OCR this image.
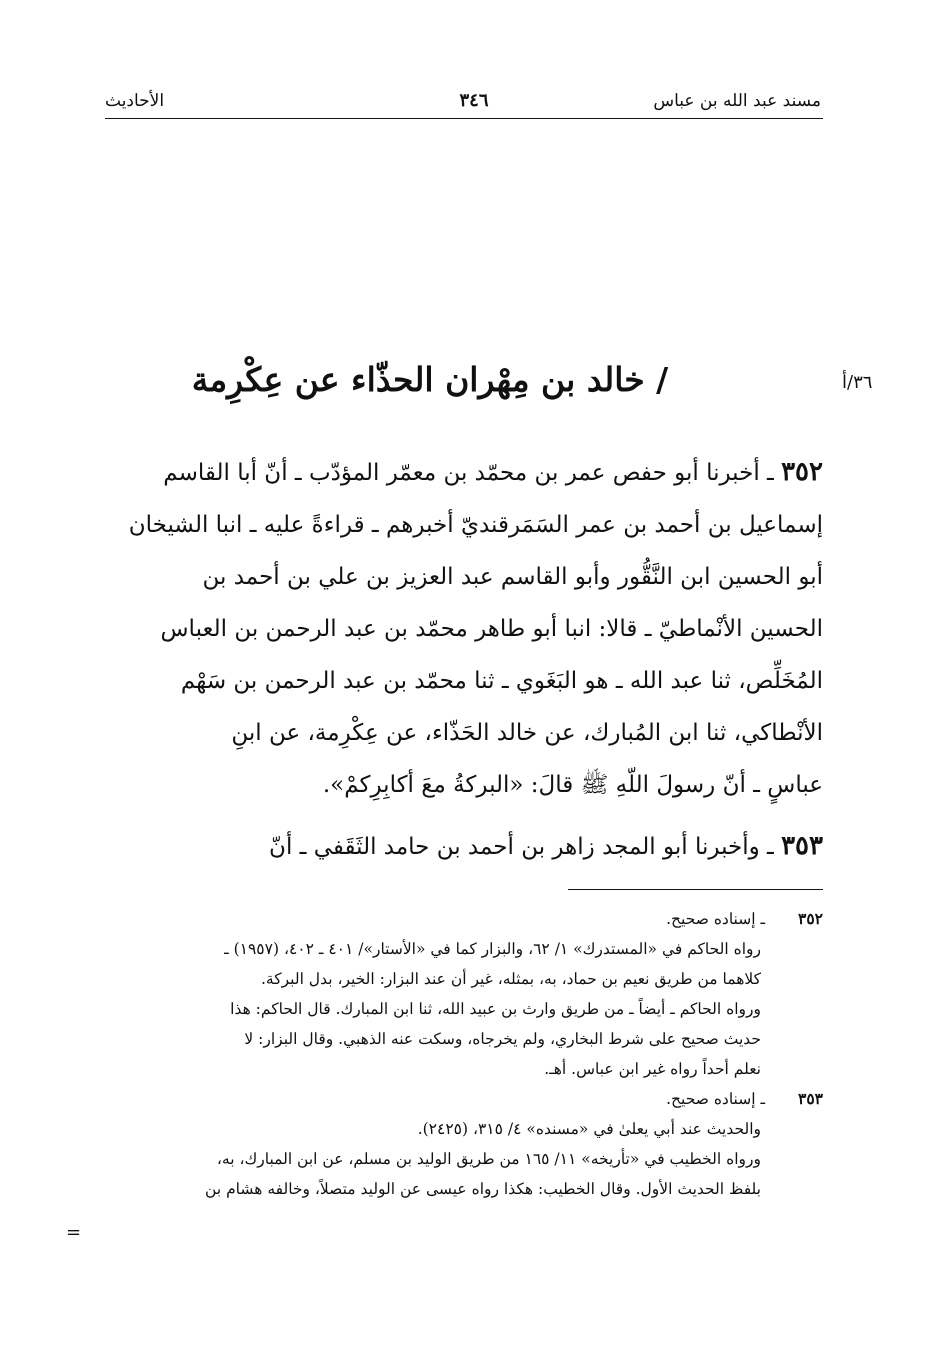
مسند عبد الله بن عباس
٣٤٦
الأحاديث
٣٦/أ
/ خالد بن مِهْران الحذّاء عن عِكْرِمة
٣٥٢ ـ أخبرنا أبو حفص عمر بن محمّد بن معمّر المؤدّب ـ أنّ أبا القاسم
إسماعيل بن أحمد بن عمر السَمَرقنديّ أخبرهم ـ قراءةً عليه ـ انبا الشيخان
أبو الحسين ابن النَّقُّور وأبو القاسم عبد العزيز بن علي بن أحمد بن
الحسين الأنْماطيّ ـ قالا: انبا أبو طاهر محمّد بن عبد الرحمن بن العباس
المُخَلِّص، ثنا عبد الله ـ هو البَغَوي ـ ثنا محمّد بن عبد الرحمن بن سَهْم
الأنْطاكي، ثنا ابن المُبارك، عن خالد الحَذّاء، عن عِكْرِمة، عن ابنِ
عباسٍ ـ أنّ رسولَ اللّهِ ﷺ قالَ: «البركةُ معَ أكابِرِكمْ».
٣٥٣ ـ وأخبرنا أبو المجد زاهر بن أحمد بن حامد الثَقَفي ـ أنّ
٣٥٢ـ إسناده صحيح.
رواه الحاكم في «المستدرك» ١/ ٦٢، والبزار كما في «الأستار»/ ٤٠١ ـ ٤٠٢، (١٩٥٧) ـ
كلاهما من طريق نعيم بن حماد، به، بمثله، غير أن عند البزار: الخير، بدل البركة.
ورواه الحاكم ـ أيضاً ـ من طريق وارث بن عبيد الله، ثنا ابن المبارك. قال الحاكم: هذا
حديث صحيح على شرط البخاري، ولم يخرجاه، وسكت عنه الذهبي. وقال البزار: لا
نعلم أحداً رواه غير ابن عباس. أهـ.
٣٥٣ـ إسناده صحيح.
والحديث عند أبي يعلىٰ في «مسنده» ٤/ ٣١٥، (٢٤٢٥).
ورواه الخطيب في «تأريخه» ١١/ ١٦٥ من طريق الوليد بن مسلم، عن ابن المبارك، به،
بلفظ الحديث الأول. وقال الخطيب: هكذا رواه عيسى عن الوليد متصلاً، وخالفه هشام بن
=
